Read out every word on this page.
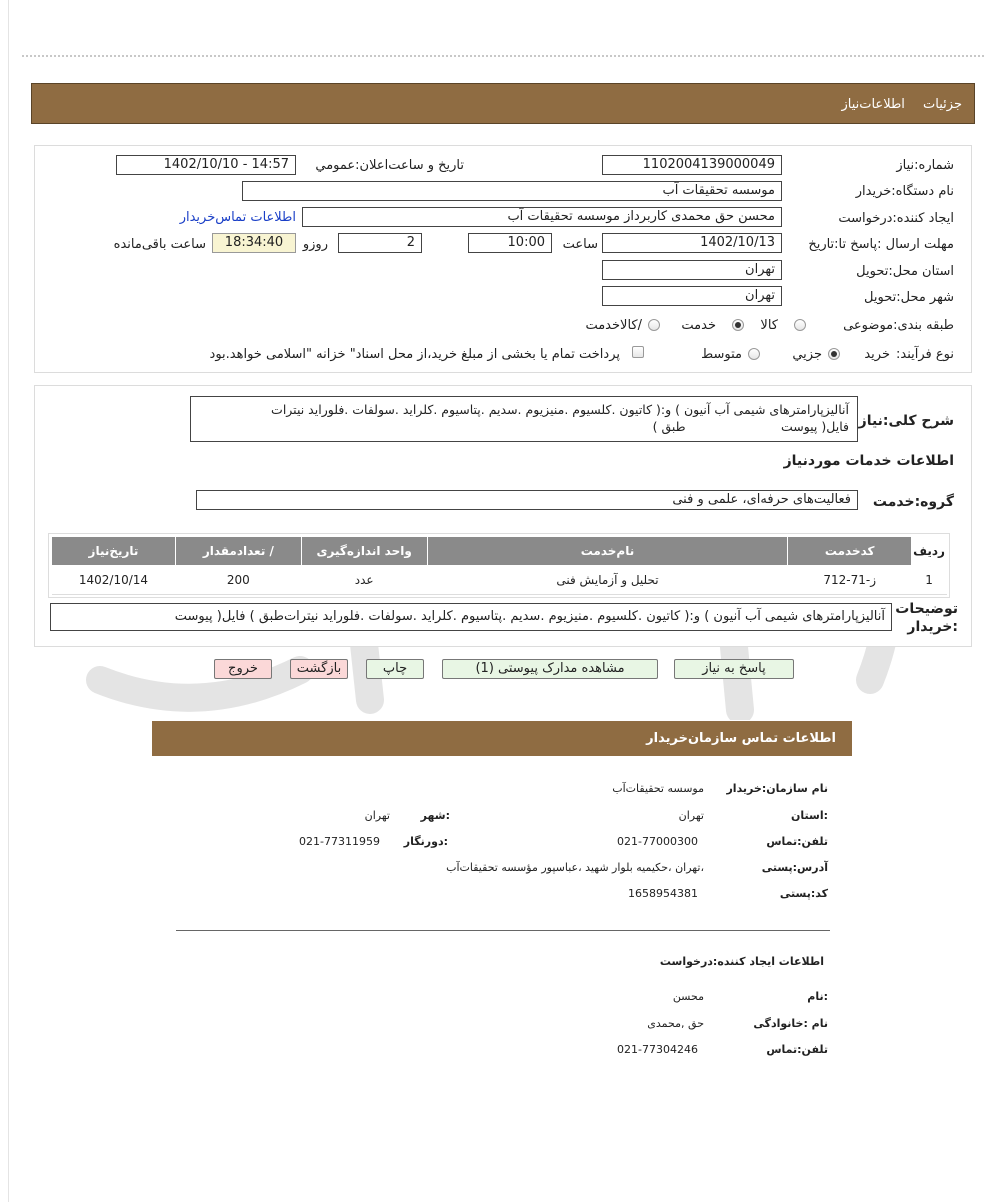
جزئیات اطلاعات‌نیاز
شماره:نیاز
1102004139000049
تاریخ و ساعت‌اعلان:عمومي
1402/10/10 - 14:57
نام دستگاه:خریدار
موسسه تحقیقات آب
ایجاد کننده:درخواست
محسن حق محمدی کاربرداز موسسه تحقیقات آب
اطلاعات تماس‌خریدار
مهلت ارسال :پاسخ تا:تاریخ
1402/10/13
ساعت
10:00
2
روزو
18:34:40
ساعت باقی‌مانده
استان محل:تحویل
تهران
شهر محل:تحویل
تهران
طبقه بندی:موضوعی
کالا
خدمت
/کالاخدمت
نوع فرآیند:
خرید
جزيي
متوسط
پرداخت تمام یا بخشی از مبلغ خرید،از محل اسناد" خزانه "اسلامی خواهد.بود
شرح کلی:نیاز
آنالیزپارامترهای شیمی آب آنیون ) و:( کاتیون .کلسیوم .منیزیوم .سدیم .پتاسیوم .کلراید .سولفات .فلوراید نیترات
فایل( پیوست                        طبق )
اطلاعات خدمات موردنیاز
گروه:خدمت
فعالیت‌های حرفه‌ای، علمی و فنی
ردیف	کدخدمت	نام‌خدمت	واحد اندازه‌گیری	/ تعدادمقدار	تاریخ‌نیاز
1	ز-71-712	تحلیل و آزمایش فنی	عدد	200	1402/10/14
توضیحات :خریدار
آنالیزپارامترهای شیمی آب آنیون ) و:( کاتیون .کلسیوم .منیزیوم .سدیم .پتاسیوم .کلراید .سولفات .فلوراید نیترات‌طبق ) فایل( پیوست
پاسخ به نیاز
مشاهده مدارک پیوستی (1)
چاپ
بازگشت
خروج
اطلاعات تماس سازمان‌خریدار
نام سازمان:خریدار
موسسه تحقیقات‌آب
:استان
تهران
:شهر
تهران
تلفن:تماس
021-77000300
:دورنگار
021-77311959
آدرس:پستی
،تهران ،حکیمیه بلوار شهید ،عباسپور مؤسسه تحقیقات‌آب
کد:پستی
1658954381
اطلاعات ایجاد کننده:درخواست
:نام
محسن
نام :خانوادگی
حق ,محمدی
تلفن:تماس
021-77304246
